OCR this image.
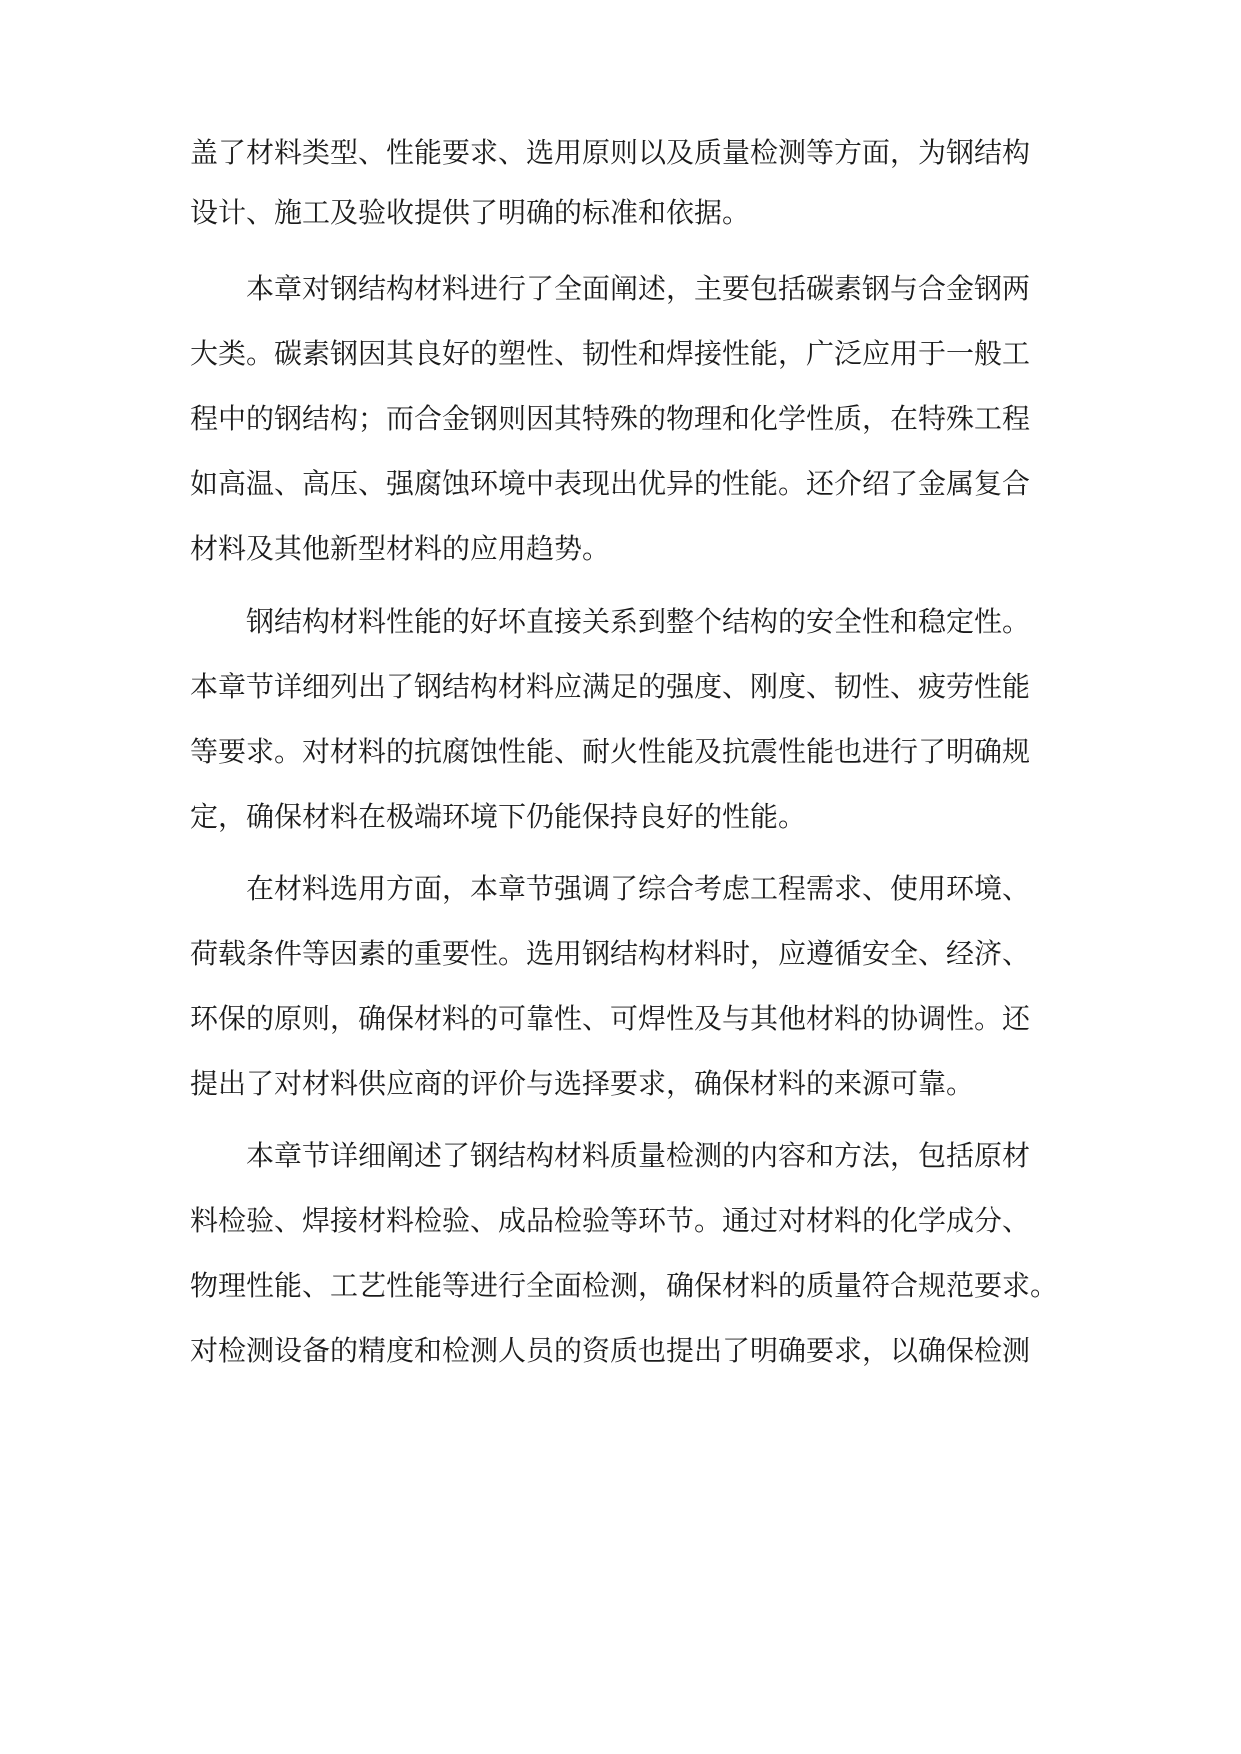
盖了材料类型、性能要求、选用原则以及质量检测等方面，为钢结构
设计、施工及验收提供了明确的标准和依据。
本章对钢结构材料进行了全面阐述，主要包括碳素钢与合金钢两
大类。碳素钢因其良好的塑性、韧性和焊接性能，广泛应用于一般工
程中的钢结构；而合金钢则因其特殊的物理和化学性质，在特殊工程
如高温、高压、强腐蚀环境中表现出优异的性能。还介绍了金属复合
材料及其他新型材料的应用趋势。
钢结构材料性能的好坏直接关系到整个结构的安全性和稳定性。
本章节详细列出了钢结构材料应满足的强度、刚度、韧性、疲劳性能
等要求。对材料的抗腐蚀性能、耐火性能及抗震性能也进行了明确规
定，确保材料在极端环境下仍能保持良好的性能。
在材料选用方面，本章节强调了综合考虑工程需求、使用环境、
荷载条件等因素的重要性。选用钢结构材料时，应遵循安全、经济、
环保的原则，确保材料的可靠性、可焊性及与其他材料的协调性。还
提出了对材料供应商的评价与选择要求，确保材料的来源可靠。
本章节详细阐述了钢结构材料质量检测的内容和方法，包括原材
料检验、焊接材料检验、成品检验等环节。通过对材料的化学成分、
物理性能、工艺性能等进行全面检测，确保材料的质量符合规范要求。
对检测设备的精度和检测人员的资质也提出了明确要求，以确保检测
